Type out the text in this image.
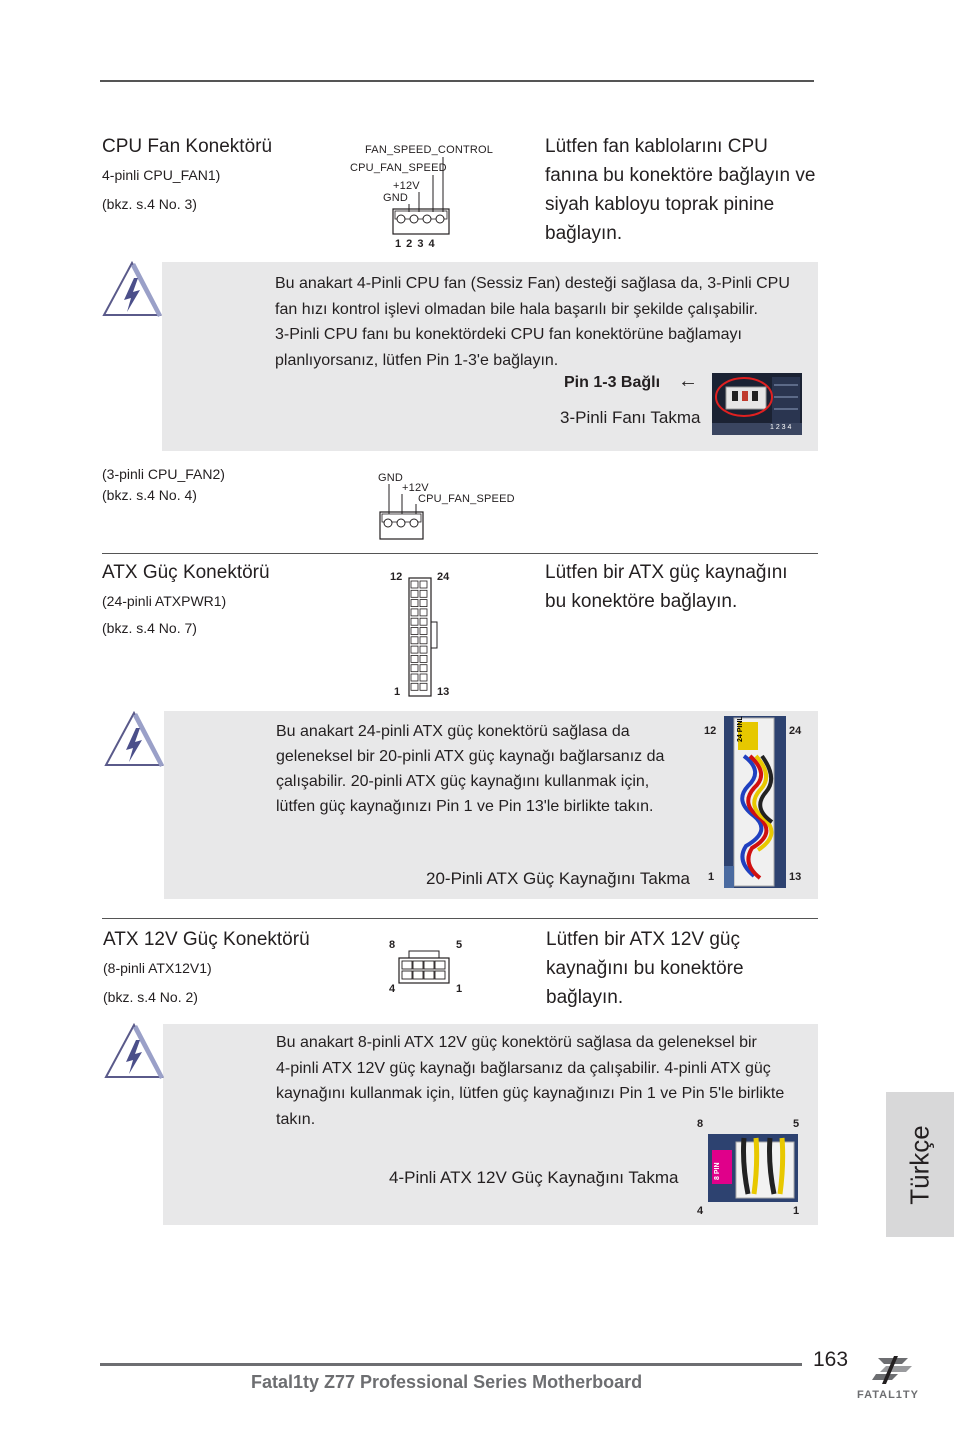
CPU Fan Konektörü
4-pinli CPU_FAN1)
(bkz. s.4 No. 3)
FAN_SPEED_CONTROL
CPU_FAN_SPEED
+12V
GND
1 2 3 4
Lütfen fan kablolarını CPU
fanına bu konektöre bağlayın ve
siyah kabloyu toprak pinine
bağlayın.
Bu anakart 4-Pinli CPU fan (Sessiz Fan) desteği sağlasa da, 3-Pinli CPU
fan hızı kontrol işlevi olmadan bile hala başarılı bir şekilde çalışabilir.
3-Pinli CPU fanı bu konektördeki CPU fan konektörüne bağlamayı
planlıyorsanız, lütfen Pin 1-3'e bağlayın.
Pin 1-3 Bağlı ←
3-Pinli Fanı Takma
1 2 3 4
(3-pinli CPU_FAN2)
(bkz. s.4 No. 4)
GND
+12V
CPU_FAN_SPEED
ATX Güç Konektörü
(24-pinli ATXPWR1)
(bkz. s.4 No. 7)
12	24
1	13
Lütfen bir ATX güç kaynağını
bu konektöre bağlayın.
Bu anakart 24-pinli ATX güç konektörü sağlasa da
geleneksel bir 20-pinli ATX güç kaynağı bağlarsanız da
çalışabilir. 20-pinli ATX güç kaynağını kullanmak için,
lütfen güç kaynağınızı Pin 1 ve Pin 13'le birlikte takın.
20-Pinli ATX Güç Kaynağını Takma
12	24
1	13
24 PINL
ATX 12V Güç Konektörü
(8-pinli ATX12V1)
(bkz. s.4 No. 2)
8	5
4	1
Lütfen bir ATX 12V güç
kaynağını bu konektöre
bağlayın.
Bu anakart 8-pinli ATX 12V güç konektörü sağlasa da geleneksel bir
4-pinli ATX 12V güç kaynağı bağlarsanız da çalışabilir. 4-pinli ATX güç
kaynağını kullanmak için, lütfen güç kaynağınızı Pin 1 ve Pin 5'le birlikte
takın.
4-Pinli ATX 12V Güç Kaynağını Takma
8	5
4	1
8 PIN	Türkçe
163
Fatal1ty Z77 Professional Series Motherboard
FATAL1TY
